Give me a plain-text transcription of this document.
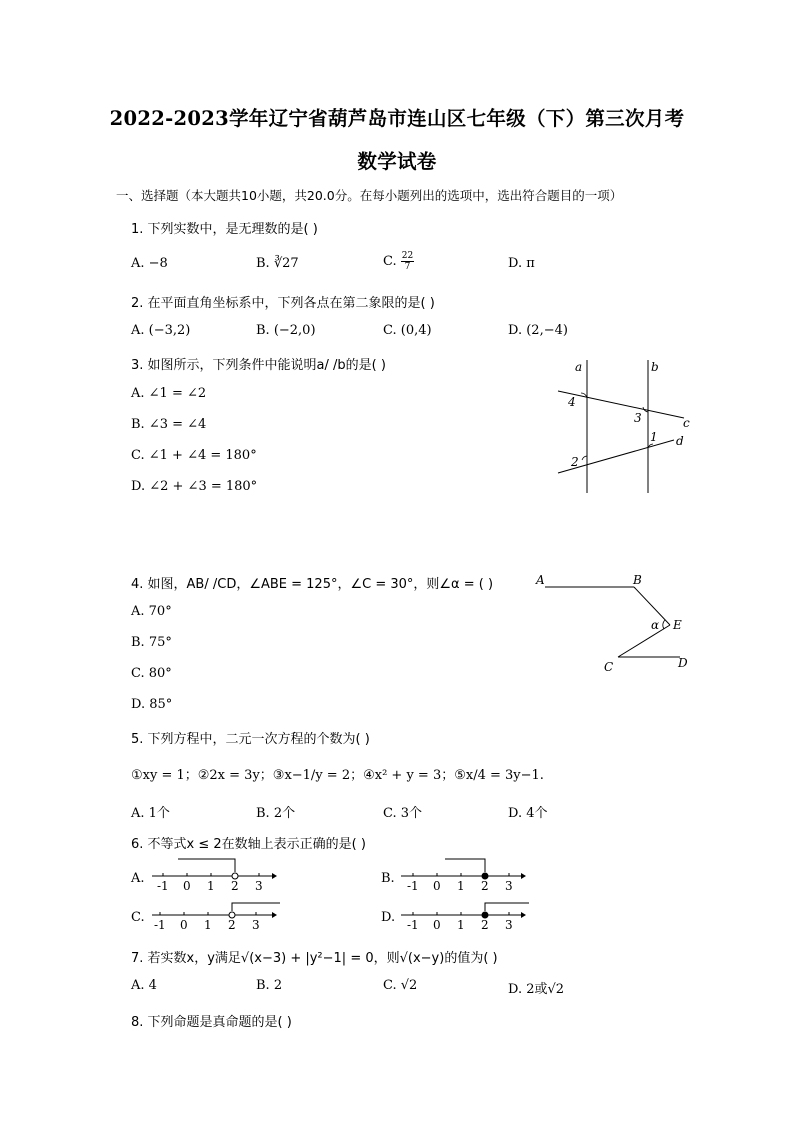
2022-2023学年辽宁省葫芦岛市连山区七年级（下）第三次月考
数学试卷
一、选择题（本大题共10小题，共20.0分。在每小题列出的选项中，选出符合题目的一项）
1. 下列实数中，是无理数的是( )
A. −8	B. ∛27	C. $\frac{22}{7}$	D. π
2. 在平面直角坐标系中，下列各点在第二象限的是( )
A. (−3,2)	B. (−2,0)	C. (0,4)	D. (2,−4)
3. 如图所示，下列条件中能说明a/ /b的是( )
A. ∠1 = ∠2
B. ∠3 = ∠4
C. ∠1 + ∠4 = 180°
D. ∠2 + ∠3 = 180°
a	b
c
d
1
2
3
4
4. 如图，AB/ /CD，∠ABE = 125°，∠C = 30°，则∠α = ( )
A. 70°
B. 75°
C. 80°
D. 85°
A	B
C	D
E
α
5. 下列方程中，二元一次方程的个数为( )
①xy = 1；②2x = 3y；③x−1/y = 2；④x² + y = 3；⑤x/4 = 3y−1.
A. 1个	B. 2个	C. 3个	D. 4个
6. 不等式x ≤ 2在数轴上表示正确的是( )
A. -1 0 1 2 3	B. -1 0 1 2 3
C. -1 0 1 2 3	D. -1 0 1 2 3
7. 若实数x，y满足√(x−3) + |y²−1| = 0，则√(x−y)的值为( )
A. 4	B. 2	C. √2	D. 2或√2
8. 下列命题是真命题的是( )
